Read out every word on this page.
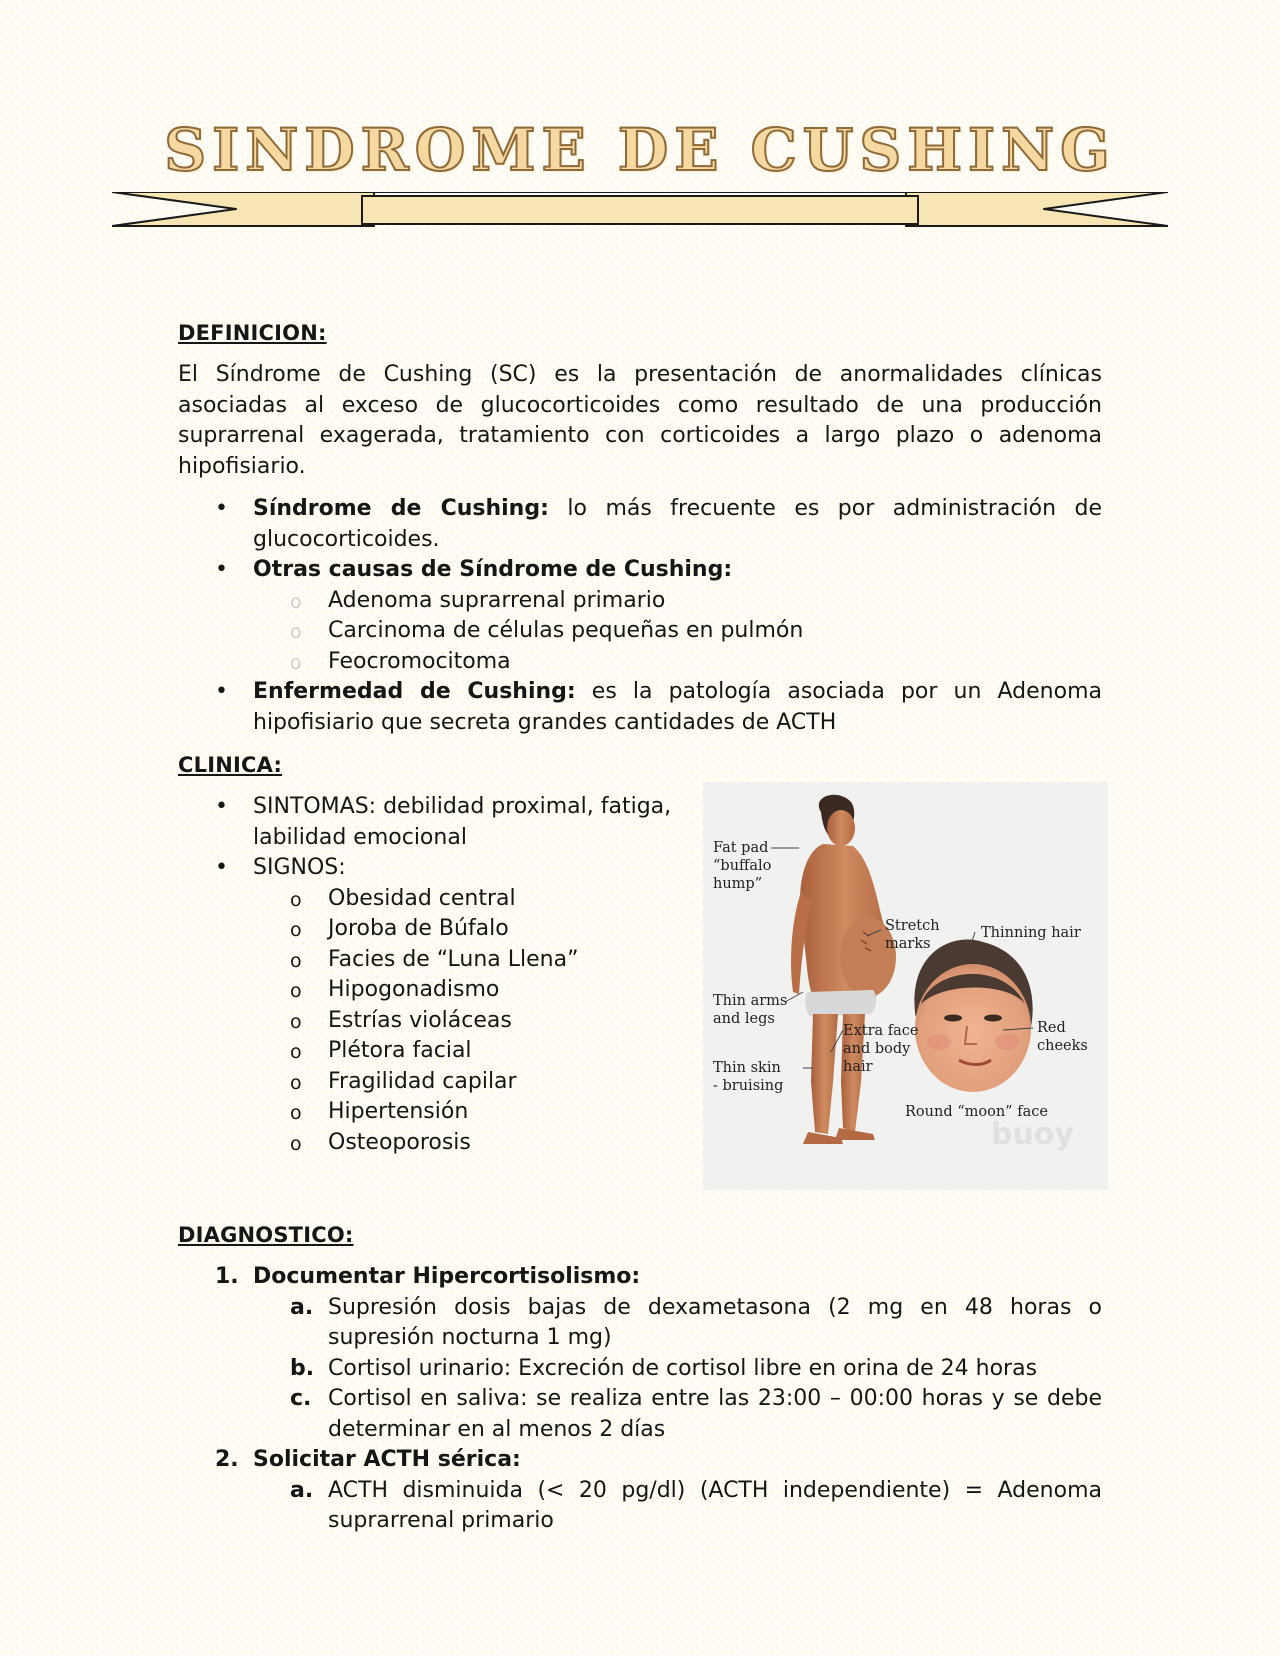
SINDROME DE CUSHING
DEFINICION:

El Síndrome de Cushing (SC) es la presentación de anormalidades clínicas asociadas al exceso de glucocorticoides como resultado de una producción suprarrenal exagerada, tratamiento con corticoides a largo plazo o adenoma hipofisiario.

• Síndrome de Cushing: lo más frecuente es por administración de glucocorticoides.
• Otras causas de Síndrome de Cushing:
o Adenoma suprarrenal primario
o Carcinoma de células pequeñas en pulmón
o Feocromocitoma
• Enfermedad de Cushing: es la patología asociada por un Adenoma hipofisiario que secreta grandes cantidades de ACTH
CLINICA:
• SINTOMAS: debilidad proximal, fatiga, labilidad emocional
• SIGNOS:
o Obesidad central
o Joroba de Búfalo
o Facies de “Luna Llena”
o Hipogonadismo
o Estrías violáceas
o Plétora facial
o Fragilidad capilar
o Hipertensión
o Osteoporosis
Fat pad “buffalo hump”
Stretch marks
Thinning hair
Thin arms and legs
Extra face and body hair
Red cheeks
Thin skin - bruising
Round “moon” face
buoy
DIAGNOSTICO:
1. Documentar Hipercortisolismo:
a. Supresión dosis bajas de dexametasona (2 mg en 48 horas o supresión nocturna 1 mg)
b. Cortisol urinario: Excreción de cortisol libre en orina de 24 horas
c. Cortisol en saliva: se realiza entre las 23:00 – 00:00 horas y se debe determinar en al menos 2 días
2. Solicitar ACTH sérica:
a. ACTH disminuida (< 20 pg/dl) (ACTH independiente) = Adenoma suprarrenal primario
